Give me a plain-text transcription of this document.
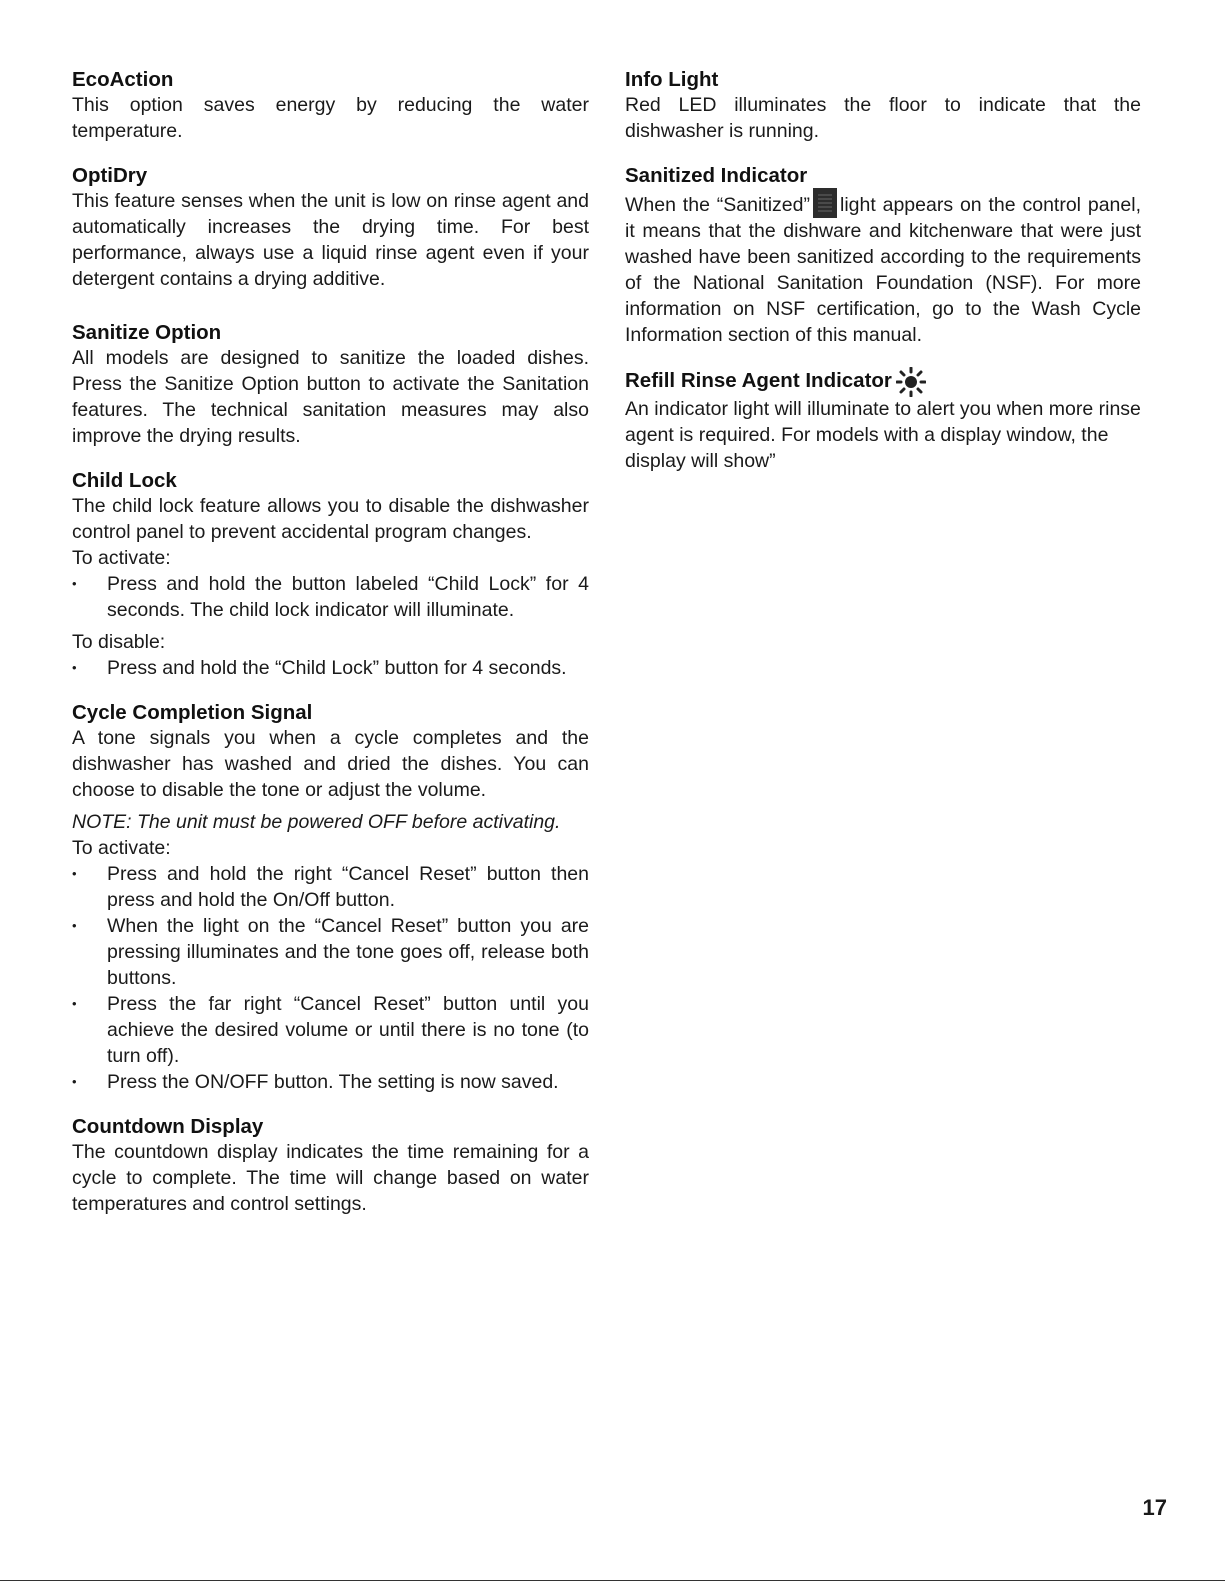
EcoAction

This option saves energy by reducing the water temperature.

OptiDry

This feature senses when the unit is low on rinse agent and automatically increases the drying time. For best performance, always use a liquid rinse agent even if your detergent contains a drying additive.

Sanitize Option

All models are designed to sanitize the loaded dishes. Press the Sanitize Option button to activate the Sanitation features. The technical sanitation measures may also improve the drying results.

Child Lock

The child lock feature allows you to disable the dishwasher control panel to prevent accidental program changes.

To activate:

• Press and hold the button labeled “Child Lock” for 4 seconds. The child lock indicator will illuminate.

To disable:

• Press and hold the “Child Lock” button for 4 seconds.
Cycle Completion Signal

A tone signals you when a cycle completes and the dishwasher has washed and dried the dishes. You can choose to disable the tone or adjust the volume.

NOTE: The unit must be powered OFF before activating.

To activate:

• Press and hold the right “Cancel Reset” button then press and hold the On/Off button.
• When the light on the “Cancel Reset” button you are pressing illuminates and the tone goes off, release both buttons.
• Press the far right “Cancel Reset” button until you achieve the desired volume or until there is no tone (to turn off).
• Press the ON/OFF button. The setting is now saved.
Countdown Display

The countdown display indicates the time remaining for a cycle to complete. The time will change based on water temperatures and control settings.

Info Light

Red LED illuminates the floor to indicate that the dishwasher is running.

Sanitized Indicator

When the “Sanitized” light appears on the control panel, it means that the dishware and kitchenware that were just washed have been sanitized according to the requirements of the National Sanitation Foundation (NSF). For more information on NSF certification, go to the Wash Cycle Information section of this manual.

Refill Rinse Agent Indicator

An indicator light will illuminate to alert you when more rinse agent is required. For models with a display window, the display will show”

17
